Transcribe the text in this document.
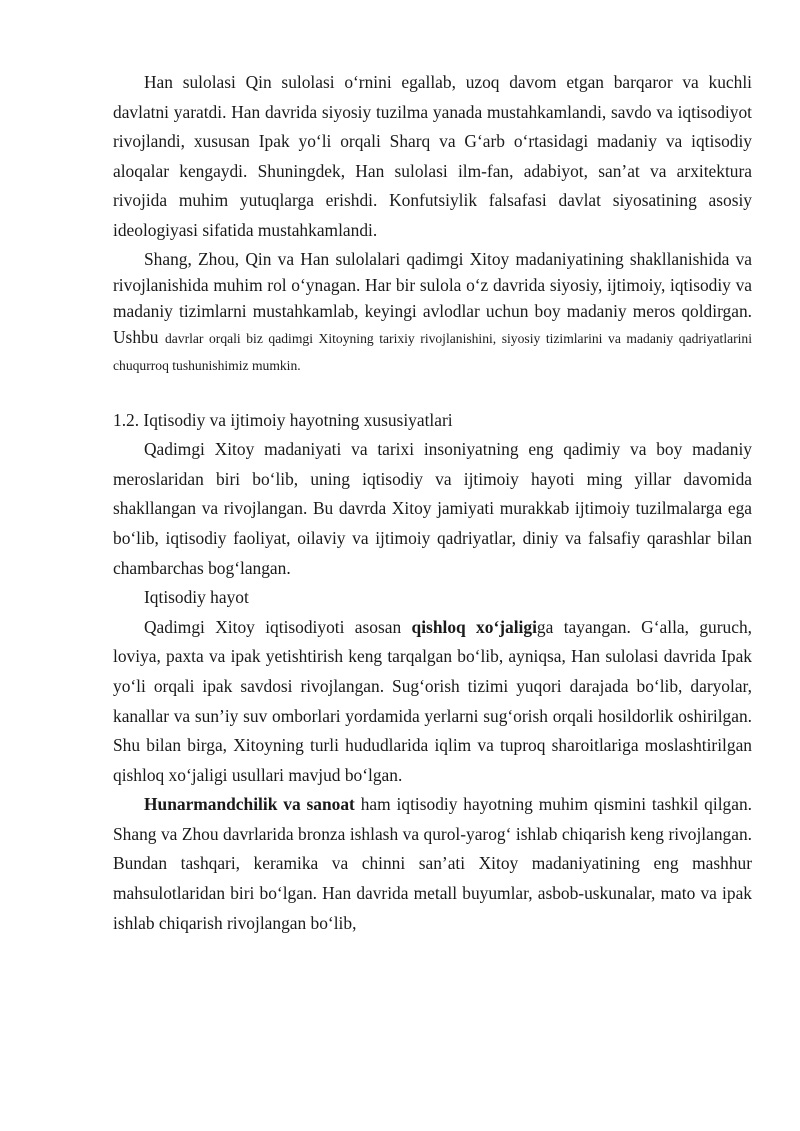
Han sulolasi Qin sulolasi o‘rnini egallab, uzoq davom etgan barqaror va kuchli davlatni yaratdi. Han davrida siyosiy tuzilma yanada mustahkamlandi, savdo va iqtisodiyot rivojlandi, xususan Ipak yo‘li orqali Sharq va G‘arb o‘rtasidagi madaniy va iqtisodiy aloqalar kengaydi. Shuningdek, Han sulolasi ilm-fan, adabiyot, san’at va arxitektura rivojida muhim yutuqlarga erishdi. Konfutsiylik falsafasi davlat siyosatining asosiy ideologiyasi sifatida mustahkamlandi.

Shang, Zhou, Qin va Han sulolalari qadimgi Xitoy madaniyatining shakllanishida va rivojlanishida muhim rol o‘ynagan. Har bir sulola o‘z davrida siyosiy, ijtimoiy, iqtisodiy va madaniy tizimlarni mustahkamlab, keyingi avlodlar uchun boy madaniy meros qoldirgan. Ushbu davrlar orqali biz qadimgi Xitoyning tarixiy rivojlanishini, siyosiy tizimlarini va madaniy qadriyatlarini chuqurroq tushunishimiz mumkin.

1.2. Iqtisodiy va ijtimoiy hayotning xususiyatlari

Qadimgi Xitoy madaniyati va tarixi insoniyatning eng qadimiy va boy madaniy meroslaridan biri bo‘lib, uning iqtisodiy va ijtimoiy hayoti ming yillar davomida shakllangan va rivojlangan. Bu davrda Xitoy jamiyati murakkab ijtimoiy tuzilmalarga ega bo‘lib, iqtisodiy faoliyat, oilaviy va ijtimoiy qadriyatlar, diniy va falsafiy qarashlar bilan chambarchas bog‘langan.

Iqtisodiy hayot

Qadimgi Xitoy iqtisodiyoti asosan qishloq xo‘jaligiga tayangan. G‘alla, guruch, loviya, paxta va ipak yetishtirish keng tarqalgan bo‘lib, ayniqsa, Han sulolasi davrida Ipak yo‘li orqali ipak savdosi rivojlangan. Sug‘orish tizimi yuqori darajada bo‘lib, daryolar, kanallar va sun’iy suv omborlari yordamida yerlarni sug‘orish orqali hosildorlik oshirilgan. Shu bilan birga, Xitoyning turli hududlarida iqlim va tuproq sharoitlariga moslashtirilgan qishloq xo‘jaligi usullari mavjud bo‘lgan.

Hunarmandchilik va sanoat ham iqtisodiy hayotning muhim qismini tashkil qilgan. Shang va Zhou davrlarida bronza ishlash va qurol-yarog‘ ishlab chiqarish keng rivojlangan. Bundan tashqari, keramika va chinni san’ati Xitoy madaniyatining eng mashhur mahsulotlaridan biri bo‘lgan. Han davrida metall buyumlar, asbob-uskunalar, mato va ipak ishlab chiqarish rivojlangan bo‘lib,
